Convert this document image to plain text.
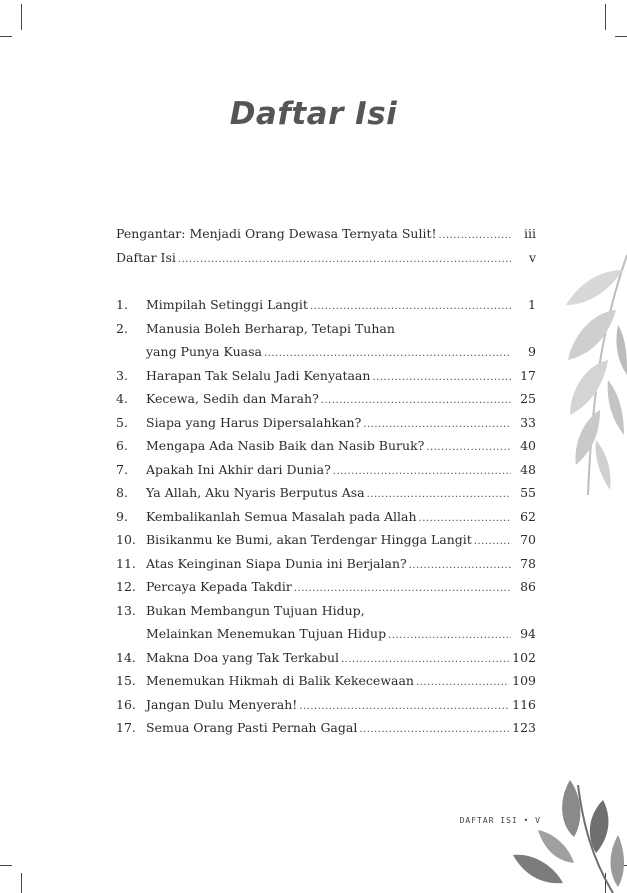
Daftar Isi
Pengantar: Menjadi Orang Dewasa Ternyata Sulit! .....	iii
Daftar Isi .....	v
1.	Mimpilah Setinggi Langit .....	1
2.	Manusia Boleh Berharap, Tetapi Tuhan
yang Punya Kuasa .....	9
3.	Harapan Tak Selalu Jadi Kenyataan .....	17
4.	Kecewa, Sedih dan Marah? .....	25
5.	Siapa yang Harus Dipersalahkan? .....	33
6.	Mengapa Ada Nasib Baik dan Nasib Buruk? .....	40
7.	Apakah Ini Akhir dari Dunia? .....	48
8.	Ya Allah, Aku Nyaris Berputus Asa .....	55
9.	Kembalikanlah Semua Masalah pada Allah .....	62
10. Bisikanmu ke Bumi, akan Terdengar Hingga Langit .....	70
11. Atas Keinginan Siapa Dunia ini Berjalan? .....	78
12. Percaya Kepada Takdir .....	86
13. Bukan Membangun Tujuan Hidup,
Melainkan Menemukan Tujuan Hidup .....	94
14. Makna Doa yang Tak Terkabul .....	102
15. Menemukan Hikmah di Balik Kekecewaan .....	109
16. Jangan Dulu Menyerah! .....	116
17. Semua Orang Pasti Pernah Gagal .....	123
DAFTAR ISI • V
